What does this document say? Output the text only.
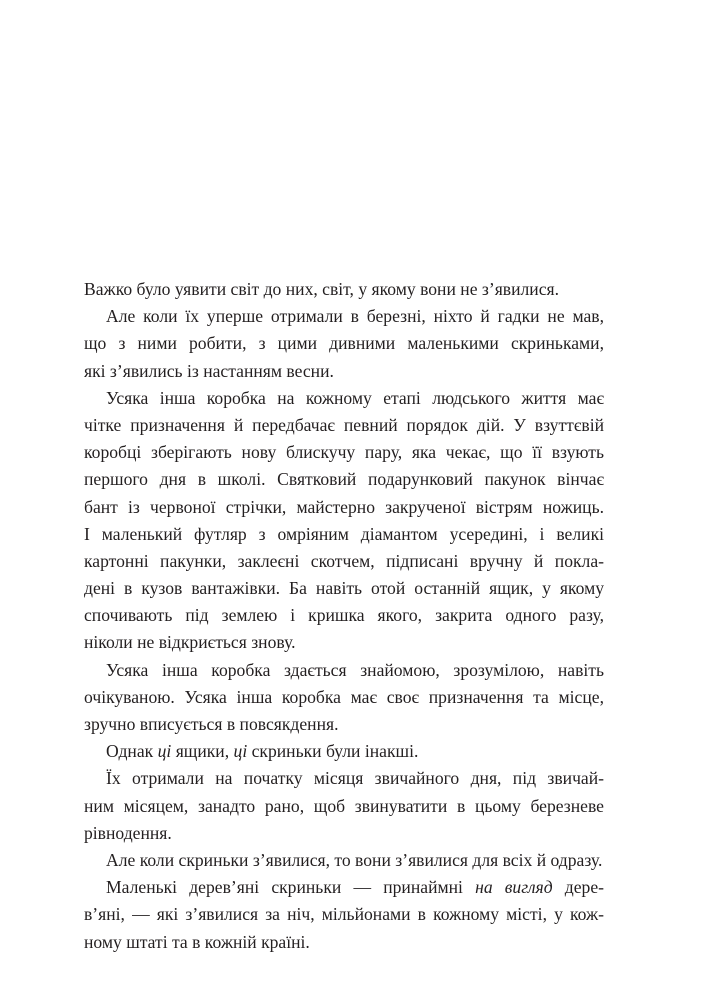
Важко було уявити світ до них, світ, у якому вони не з’явилися.
Але коли їх уперше отримали в березні, ніхто й гадки не мав,
що з ними робити, з цими дивними маленькими скриньками,
які з’явились із настанням весни.
Усяка інша коробка на кожному етапі людського життя має
чітке призначення й передбачає певний порядок дій. У взуттєвій
коробці зберігають нову блискучу пару, яка чекає, що її взують
першого дня в школі. Святковий подарунковий пакунок вінчає
бант із червоної стрічки, майстерно закрученої вістрям ножиць.
І маленький футляр з омріяним діамантом усередині, і великі
картонні пакунки, заклеєні скотчем, підписані вручну й покла-
дені в кузов вантажівки. Ба навіть отой останній ящик, у якому
спочивають під землею і кришка якого, закрита одного разу,
ніколи не відкриється знову.
Усяка інша коробка здається знайомою, зрозумілою, навіть
очікуваною. Усяка інша коробка має своє призначення та місце,
зручно вписується в повсякдення.
Однак ці ящики, ці скриньки були інакші.
Їх отримали на початку місяця звичайного дня, під звичай-
ним місяцем, занадто рано, щоб звинуватити в цьому березневе
рівнодення.
Але коли скриньки з’явилися, то вони з’явилися для всіх й одразу.
Маленькі дерев’яні скриньки — принаймні на вигляд дере-
в’яні, — які з’явилися за ніч, мільйонами в кожному місті, у кож-
ному штаті та в кожній країні.
